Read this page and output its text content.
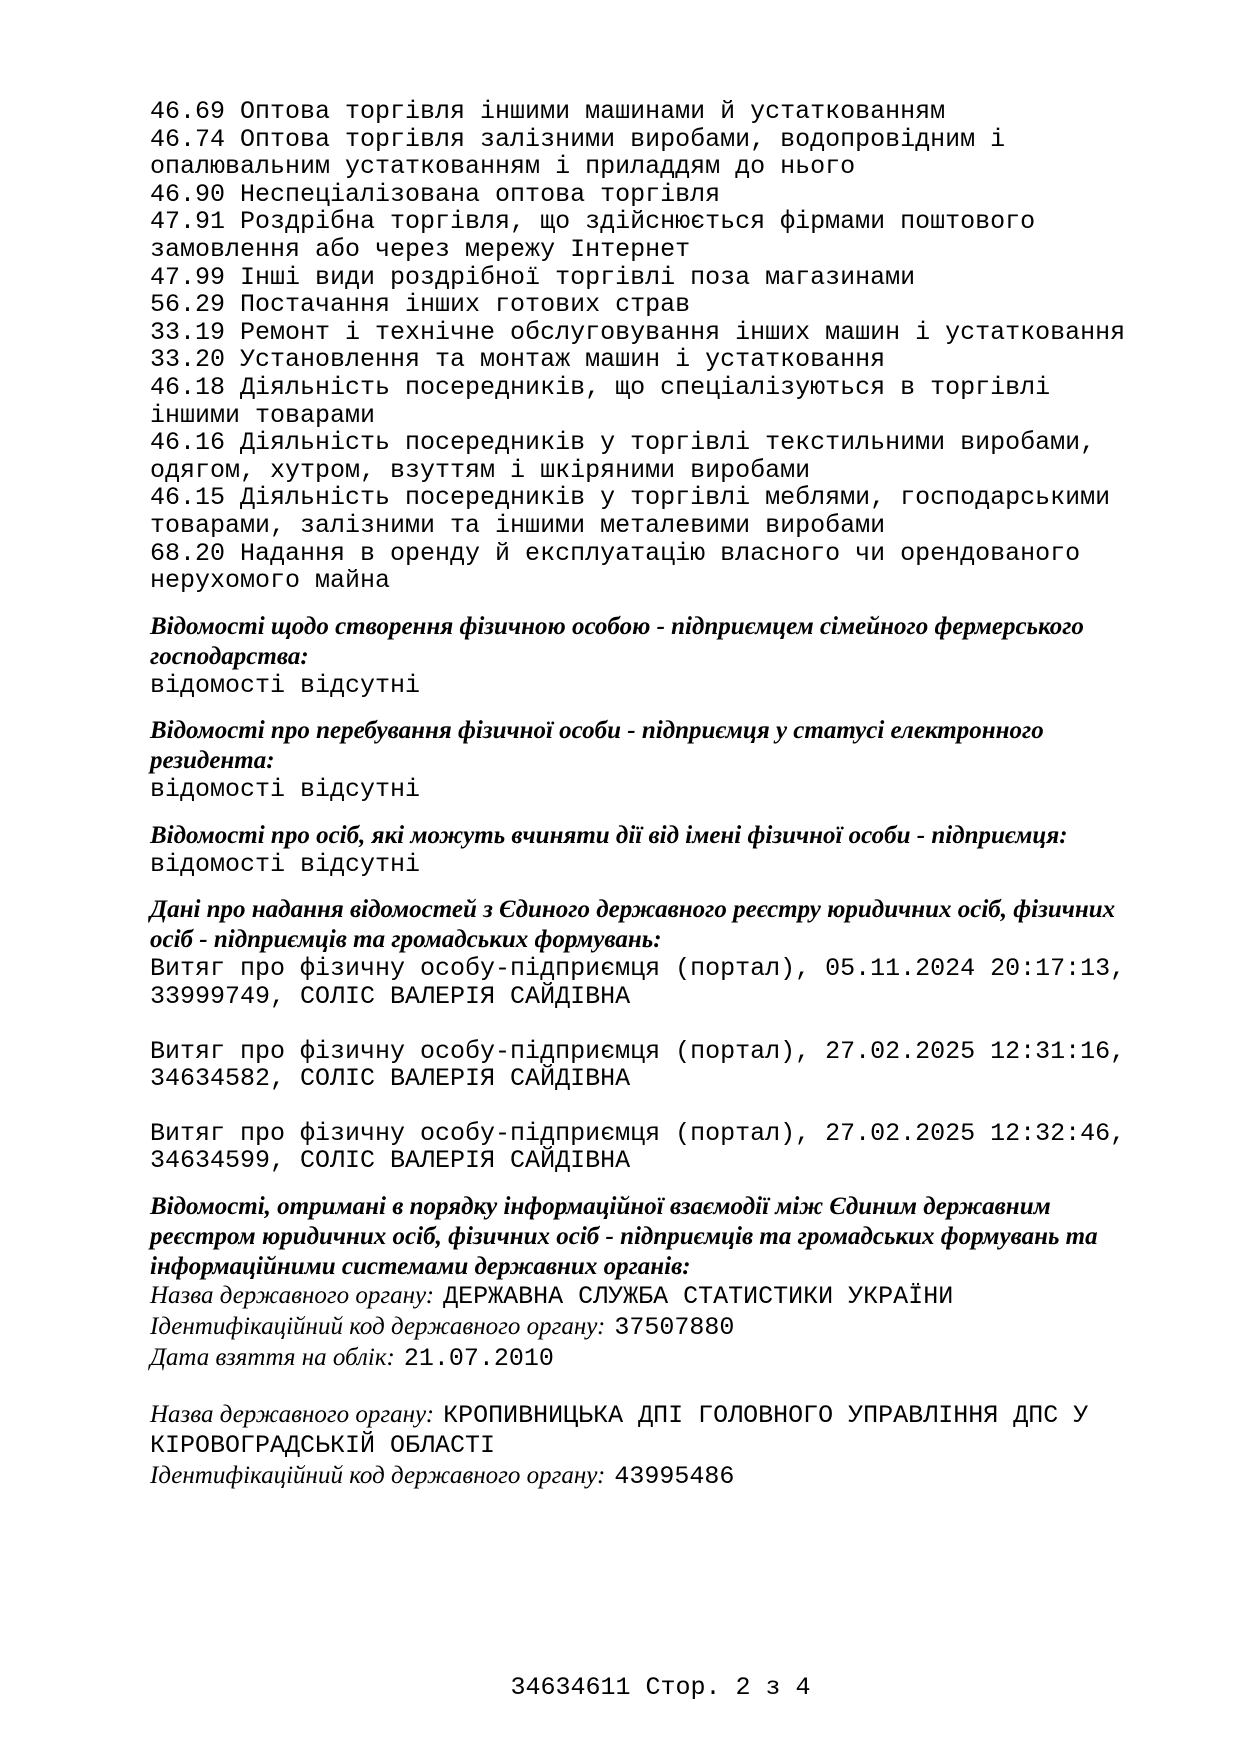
46.69 Оптова торгівля іншими машинами й устаткованням
46.74 Оптова торгівля залізними виробами, водопровідним і
опалювальним устаткованням і приладдям до нього
46.90 Неспеціалізована оптова торгівля
47.91 Роздрібна торгівля, що здійснюється фірмами поштового
замовлення або через мережу Інтернет
47.99 Інші види роздрібної торгівлі поза магазинами
56.29 Постачання інших готових страв
33.19 Ремонт і технічне обслуговування інших машин і устатковання
33.20 Установлення та монтаж машин і устатковання
46.18 Діяльність посередників, що спеціалізуються в торгівлі
іншими товарами
46.16 Діяльність посередників у торгівлі текстильними виробами,
одягом, хутром, взуттям і шкіряними виробами
46.15 Діяльність посередників у торгівлі меблями, господарськими
товарами, залізними та іншими металевими виробами
68.20 Надання в оренду й експлуатацію власного чи орендованого
нерухомого майна
Відомості щодо створення фізичною особою - підприємцем сімейного фермерського
господарства:
відомості відсутні
Відомості про перебування фізичної особи - підприємця у статусі електронного
резидента:
відомості відсутні
Відомості про осіб, які можуть вчиняти дії від імені фізичної особи - підприємця:
відомості відсутні
Дані про надання відомостей з Єдиного державного реєстру юридичних осіб, фізичних
осіб - підприємців та громадських формувань:
Витяг про фізичну особу-підприємця (портал), 05.11.2024 20:17:13,
33999749, СОЛІС ВАЛЕРІЯ САЙДІВНА
Витяг про фізичну особу-підприємця (портал), 27.02.2025 12:31:16,
34634582, СОЛІС ВАЛЕРІЯ САЙДІВНА
Витяг про фізичну особу-підприємця (портал), 27.02.2025 12:32:46,
34634599, СОЛІС ВАЛЕРІЯ САЙДІВНА
Відомості, отримані в порядку інформаційної взаємодії між Єдиним державним
реєстром юридичних осіб, фізичних осіб - підприємців та громадських формувань та
інформаційними системами державних органів:
Назва державного органу: ДЕРЖАВНА СЛУЖБА СТАТИСТИКИ УКРАЇНИ
Ідентифікаційний код державного органу: 37507880
Дата взяття на облік: 21.07.2010
Назва державного органу: КРОПИВНИЦЬКА ДПІ ГОЛОВНОГО УПРАВЛІННЯ ДПС У
КІРОВОГРАДСЬКІЙ ОБЛАСТІ
Ідентифікаційний код державного органу: 43995486
34634611 Стор. 2 з 4
